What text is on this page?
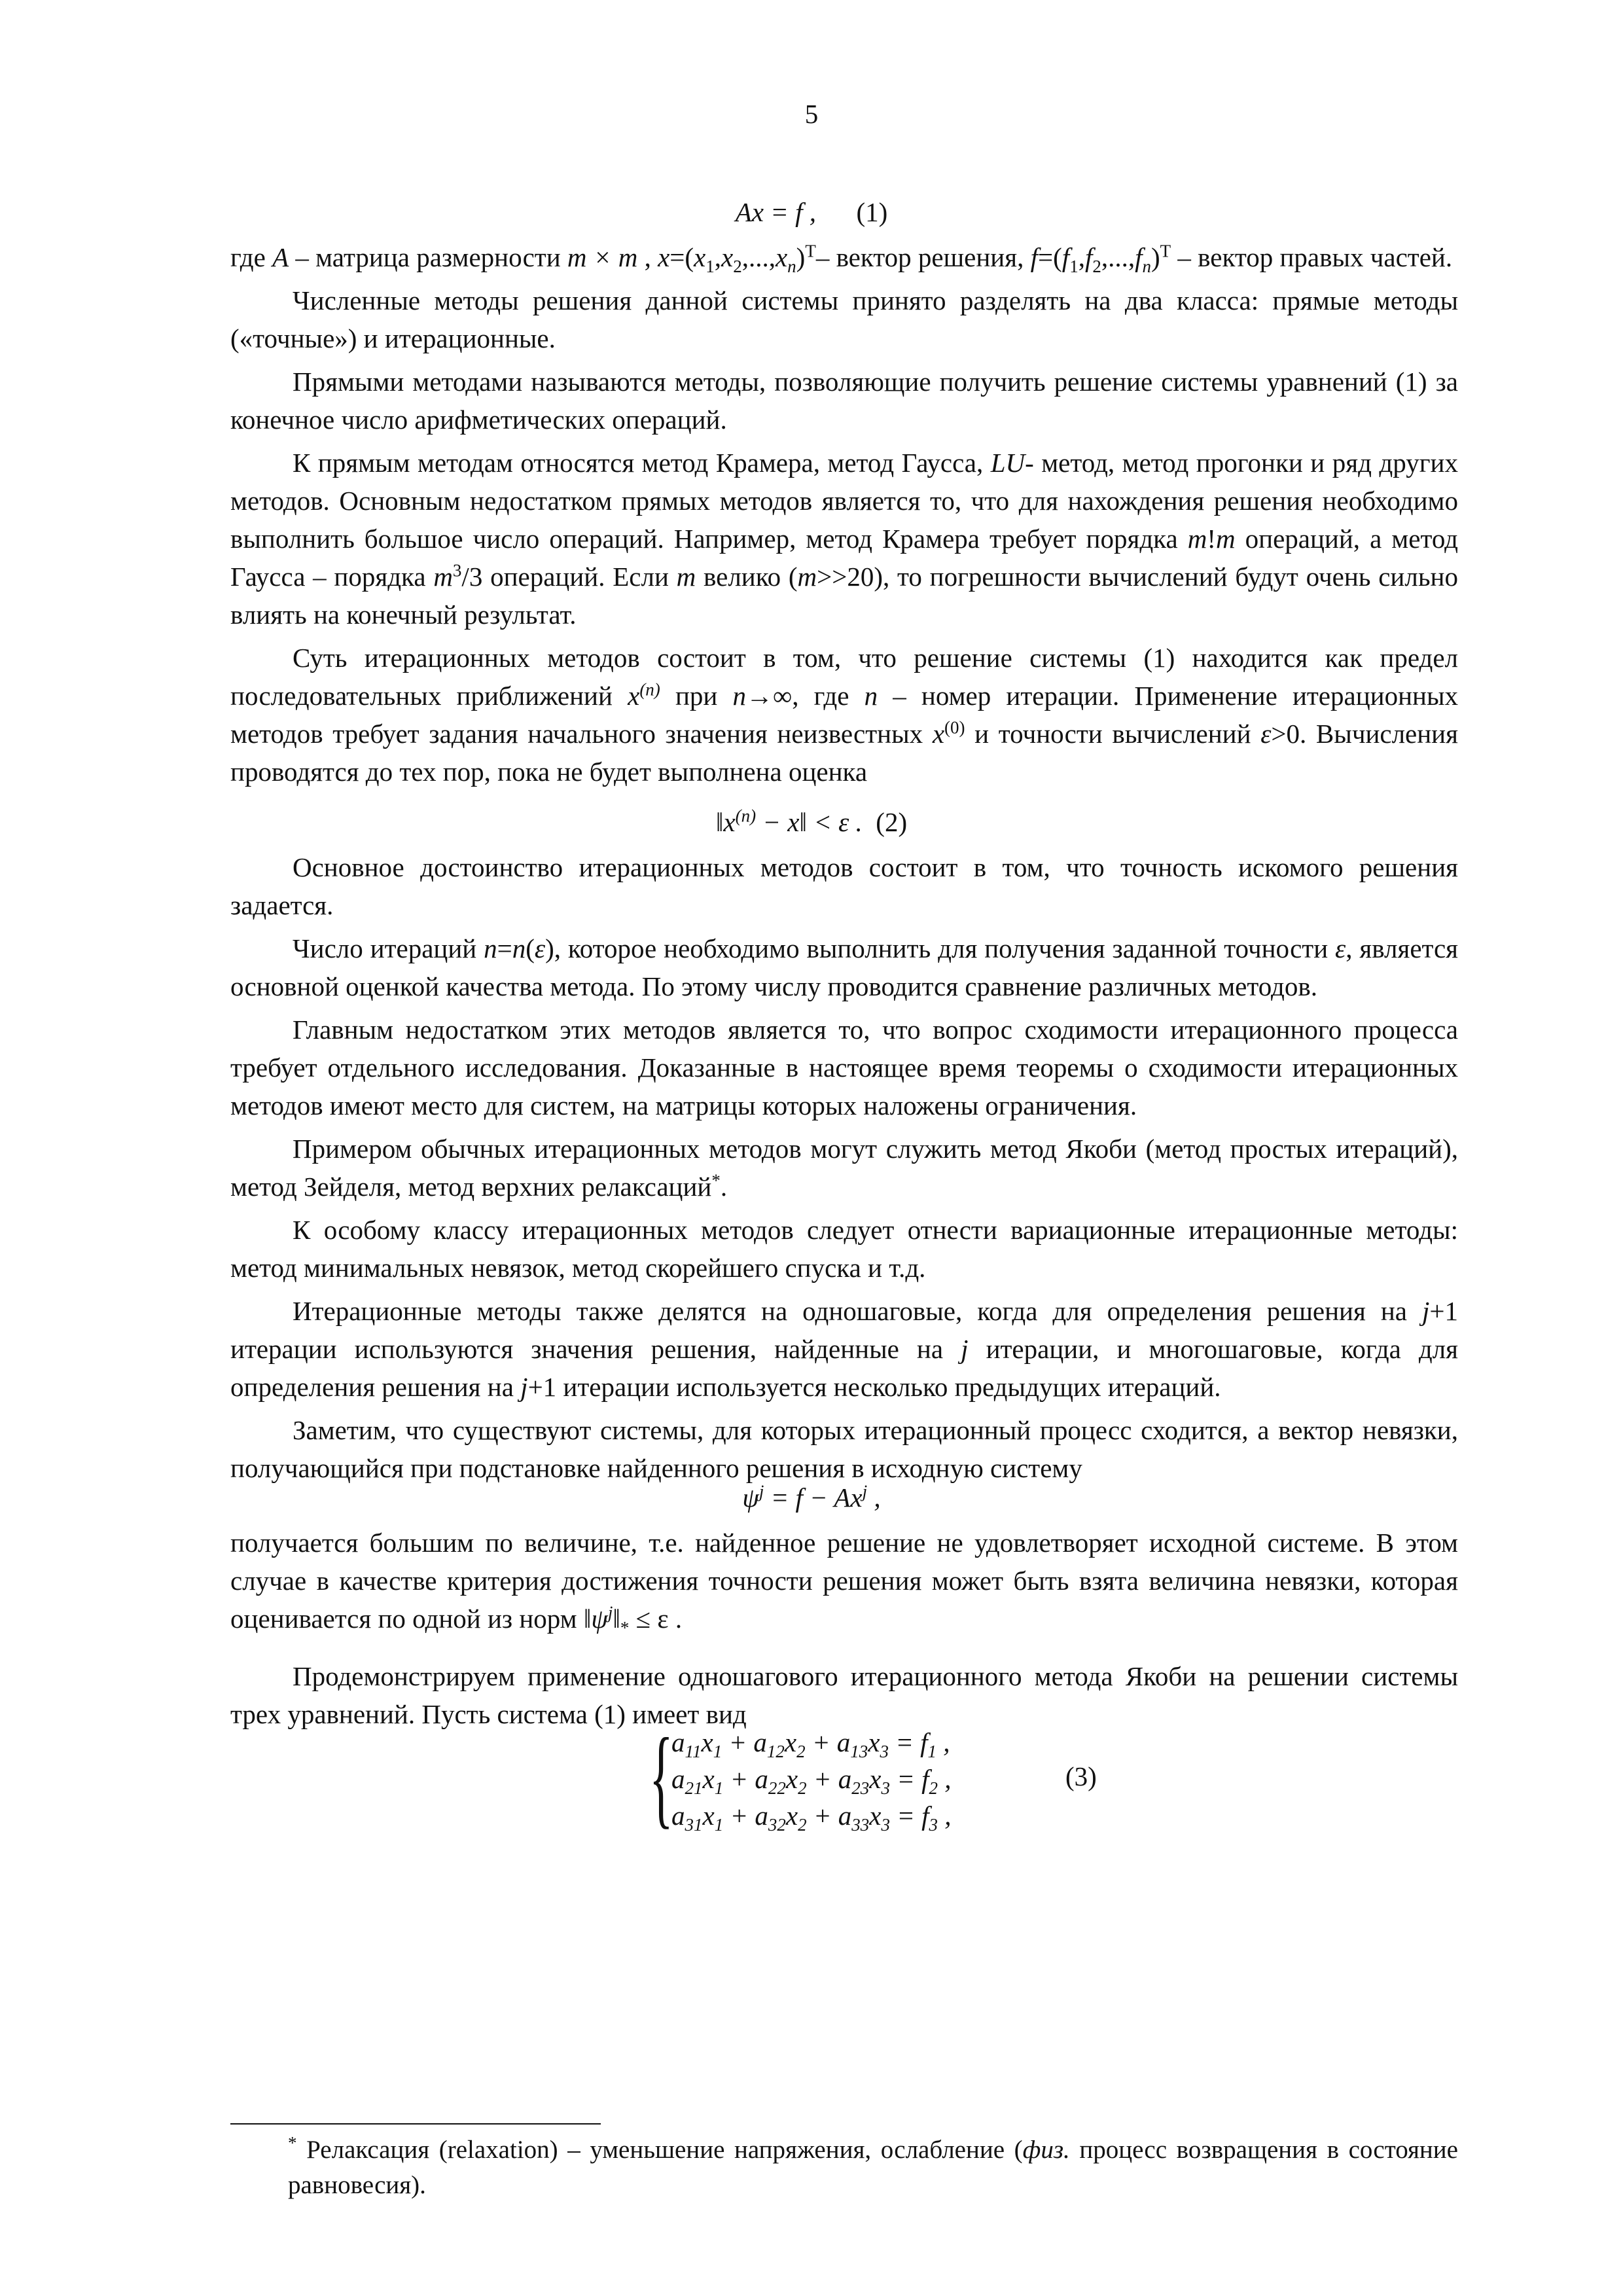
5
Ax = f , (1)

где A – матрица размерности m × m , $x=(x_1,x_2,...,x_n)^T-$ вектор решения, $f=(f_1,f_2,...,f_n)^T$ – вектор правых частей.

Численные методы решения данной системы принято разделять на два класса: прямые методы («точные») и итерационные.

Прямыми методами называются методы, позволяющие получить решение системы уравнений (1) за конечное число арифметических операций.

К прямым методам относятся метод Крамера, метод Гаусса, LU- метод, метод прогонки и ряд других методов. Основным недостатком прямых методов является то, что для нахождения решения необходимо выполнить большое число операций. Например, метод Крамера требует порядка m!m операций, а метод Гаусса – порядка $m^3/3$ операций. Если m велико (m>>20), то погрешности вычислений будут очень сильно влиять на конечный результат.

Суть итерационных методов состоит в том, что решение системы (1) находится как предел последовательных приближений $x^{(n)}$ при n→∞, где n – номер итерации. Применение итерационных методов требует задания начального значения неизвестных $x^{(0)}$ и точности вычислений ε>0. Вычисления проводятся до тех пор, пока не будет выполнена оценка

$‖x^{(n)}$ − x‖ < ε . (2)

Основное достоинство итерационных методов состоит в том, что точность искомого решения задается.

Число итераций n=n(ε), которое необходимо выполнить для получения заданной точности ε, является основной оценкой качества метода. По этому числу проводится сравнение различных методов.

Главным недостатком этих методов является то, что вопрос сходимости итерационного процесса требует отдельного исследования. Доказанные в настоящее время теоремы о сходимости итерационных методов имеют место для систем, на матрицы которых наложены ограничения.

Примером обычных итерационных методов могут служить метод Якоби (метод простых итераций), метод Зейделя, метод верхних релаксаций*.

К особому классу итерационных методов следует отнести вариационные итерационные методы: метод минимальных невязок, метод скорейшего спуска и т.д.

Итерационные методы также делятся на одношаговые, когда для определения решения на j+1 итерации используются значения решения, найденные на j итерации, и многошаговые, когда для определения решения на j+1 итерации используется несколько предыдущих итераций.

Заметим, что существуют системы, для которых итерационный процесс сходится, а вектор невязки, получающийся при подстановке найденного решения в исходную систему

$\psi^j = f - Ax^j$ ,

получается большим по величине, т.е. найденное решение не удовлетворяет исходной системе. В этом случае в качестве критерия достижения точности решения может быть взята величина невязки, которая оценивается по одной из норм $‖\psi^j‖_* \le \varepsilon$ .

Продемонстрируем применение одношагового итерационного метода Якоби на решении системы трех уравнений. Пусть система (1) имеет вид

{
$a_{11}x_1 + a_{12}x_2 + a_{13}x_3 = f_1$ ,
$a_{21}x_1 + a_{22}x_2 + a_{23}x_3 = f_2$ ,
$a_{31}x_1 + a_{32}x_2 + a_{33}x_3 = f_3$ ,
(3)
* Релаксация (relaxation) – уменьшение напряжения, ослабление (физ. процесс возвращения в состояние равновесия).
